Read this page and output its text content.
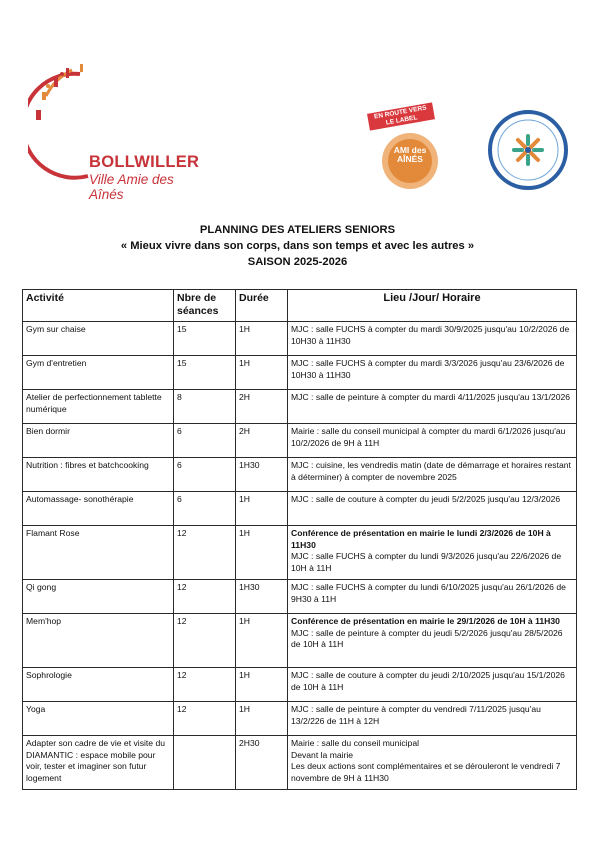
BOLLWILLER
Ville Amie des Aînés
EN ROUTE VERS LE LABEL
AMI des AÎNÉS
PLANNING DES ATELIERS SENIORS
« Mieux vivre dans son corps, dans son temps et avec les autres »
SAISON 2025-2026
Activité	Nbre de séances	Durée	Lieu /Jour/ Horaire
Gym sur chaise	15	1H	MJC : salle FUCHS à compter du mardi 30/9/2025 jusqu'au 10/2/2026 de 10H30 à 11H30

Gym d'entretien	15	1H	MJC : salle FUCHS à compter du mardi 3/3/2026 jusqu'au 23/6/2026 de 10H30 à 11H30

Atelier de perfectionnement tablette numérique	8	2H	MJC : salle de peinture à compter du mardi 4/11/2025 jusqu'au 13/1/2026

Bien dormir	6	2H	Mairie : salle du conseil municipal à compter du mardi 6/1/2026 jusqu'au 10/2/2026 de 9H à 11H

Nutrition : fibres et batchcooking	6	1H30	MJC : cuisine, les vendredis matin (date de démarrage et horaires restant à déterminer) à compter de novembre 2025

Automassage- sonothérapie	6	1H	MJC : salle de couture à compter du jeudi 5/2/2025 jusqu'au 12/3/2026

Flamant Rose	12	1H	Conférence de présentation en mairie le lundi 2/3/2026 de 10H à 11H30
MJC : salle FUCHS à compter du lundi 9/3/2026 jusqu'au 22/6/2026 de 10H à 11H

Qi gong	12	1H30	MJC : salle FUCHS à compter du lundi 6/10/2025 jusqu'au 26/1/2026 de 9H30 à 11H

Mem'hop	12	1H	Conférence de présentation en mairie le 29/1/2026 de 10H à 11H30
MJC : salle de peinture à compter du jeudi 5/2/2026 jusqu'au 28/5/2026 de 10H à 11H

Sophrologie	12	1H	MJC : salle de couture à compter du jeudi 2/10/2025 jusqu'au 15/1/2026 de 10H à 11H

Yoga	12	1H	MJC : salle de peinture à compter du vendredi 7/11/2025 jusqu'au 13/2/226 de 11H à 12H

Adapter son cadre de vie et visite du DIAMANTIC : espace mobile pour voir, tester et imaginer son futur logement		2H30	Mairie : salle du conseil municipal
Devant la mairie
Les deux actions sont complémentaires et se dérouleront le vendredi 7 novembre de 9H à 11H30
